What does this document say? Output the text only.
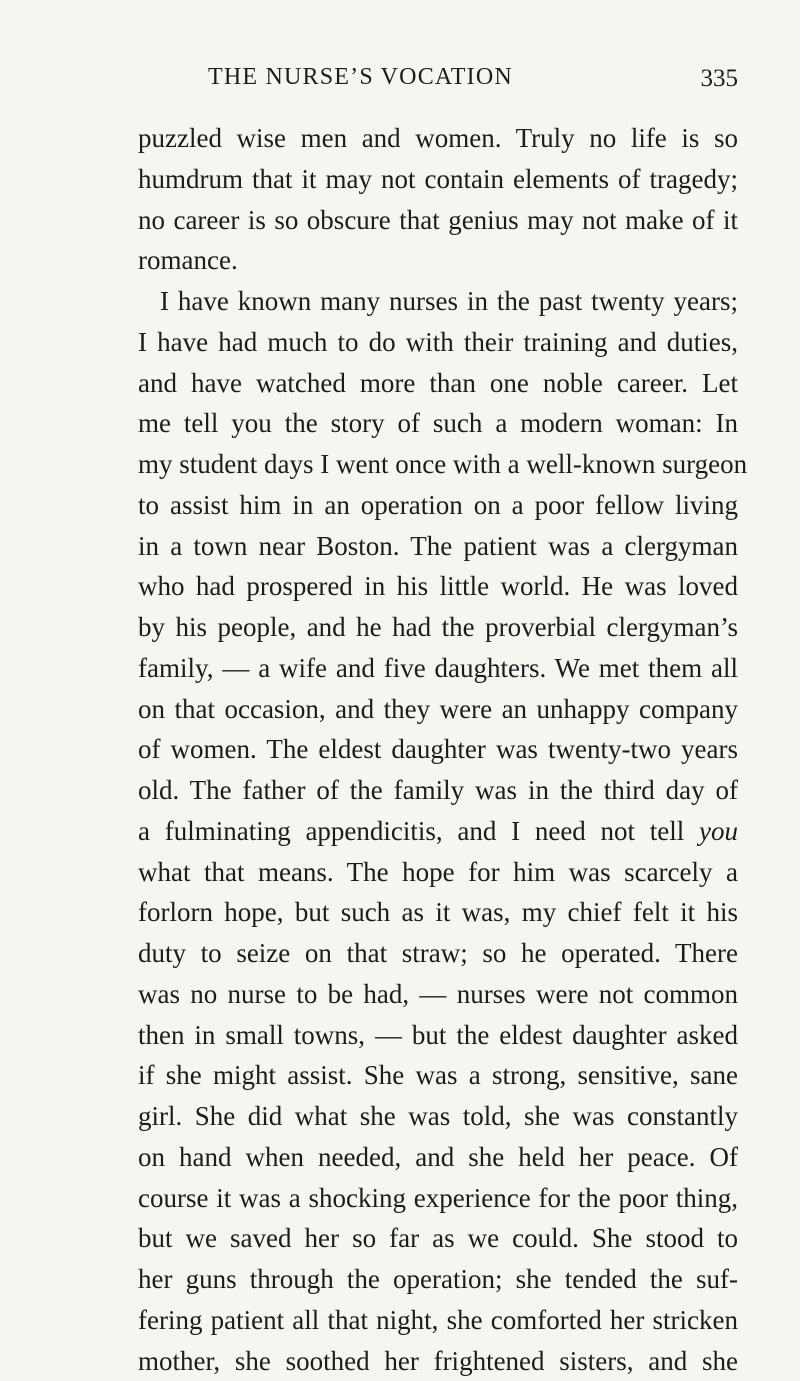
THE NURSE’S VOCATION	335
puzzled wise men and women. Truly no life is so
humdrum that it may not contain elements of tragedy;
no career is so obscure that genius may not make of it
romance.
I have known many nurses in the past twenty years;
I have had much to do with their training and duties,
and have watched more than one noble career. Let
me tell you the story of such a modern woman: In
my student days I went once with a well-known surgeon
to assist him in an operation on a poor fellow living
in a town near Boston. The patient was a clergyman
who had prospered in his little world. He was loved
by his people, and he had the proverbial clergyman’s
family, — a wife and five daughters. We met them all
on that occasion, and they were an unhappy company
of women. The eldest daughter was twenty-two years
old. The father of the family was in the third day of
a fulminating appendicitis, and I need not tell you
what that means. The hope for him was scarcely a
forlorn hope, but such as it was, my chief felt it his
duty to seize on that straw; so he operated. There
was no nurse to be had, — nurses were not common
then in small towns, — but the eldest daughter asked
if she might assist. She was a strong, sensitive, sane
girl. She did what she was told, she was constantly
on hand when needed, and she held her peace. Of
course it was a shocking experience for the poor thing,
but we saved her so far as we could. She stood to
her guns through the operation; she tended the suf-
fering patient all that night, she comforted her stricken
mother, she soothed her frightened sisters, and she
